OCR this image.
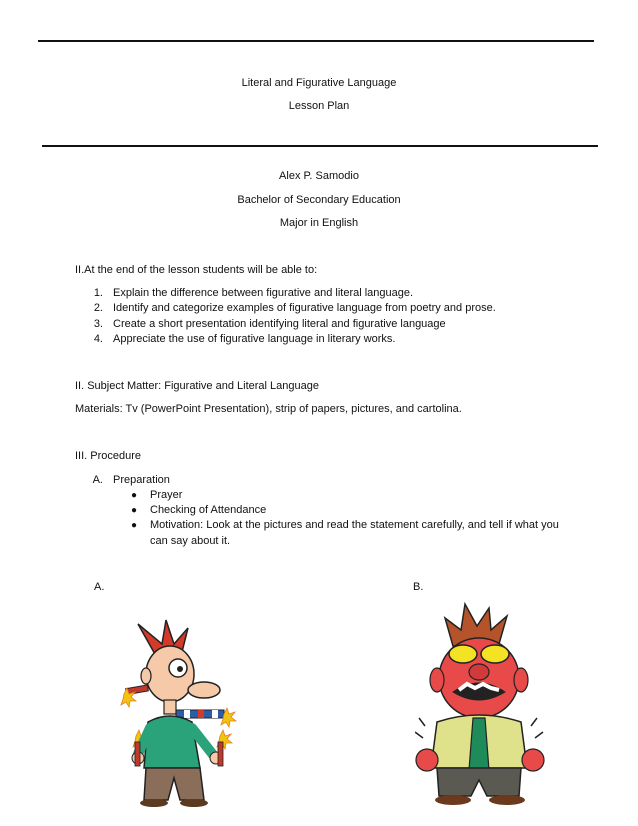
Literal and Figurative Language
Lesson Plan
Alex P. Samodio
Bachelor of Secondary Education
Major in English
II.At the end of the lesson students will be able to:
1. Explain the difference between figurative and literal language.
2. Identify and categorize examples of figurative language from poetry and prose.
3. Create a short presentation identifying literal and figurative language
4. Appreciate the use of figurative language in literary works.
II. Subject Matter: Figurative and Literal Language
Materials: Tv (PowerPoint Presentation), strip of papers, pictures, and cartolina.
III. Procedure
A. Preparation
● Prayer
● Checking of Attendance
● Motivation: Look at the pictures and read the statement carefully, and tell if what you
can say about it.
A.	B.
